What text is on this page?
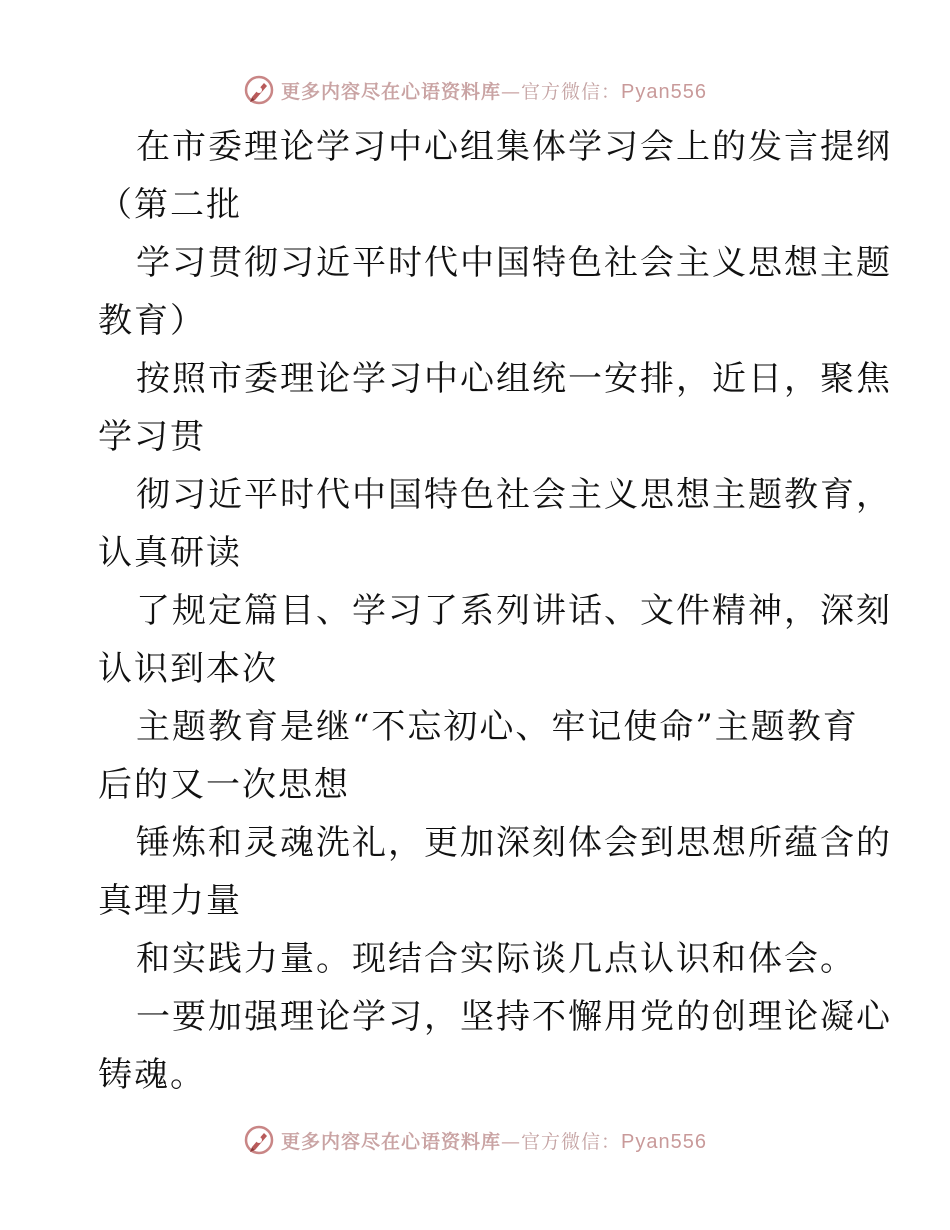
更多内容尽在心语资料库—官方微信：Pyan556
在市委理论学习中心组集体学习会上的发言提纲
（第二批
学习贯彻习近平时代中国特色社会主义思想主题
教育）
按照市委理论学习中心组统一安排，近日，聚焦
学习贯
彻习近平时代中国特色社会主义思想主题教育，
认真研读
了规定篇目、学习了系列讲话、文件精神，深刻
认识到本次
主题教育是继“不忘初心、牢记使命”主题教育
后的又一次思想
锤炼和灵魂洗礼，更加深刻体会到思想所蕴含的
真理力量
和实践力量。现结合实际谈几点认识和体会。
一要加强理论学习，坚持不懈用党的创理论凝心
铸魂。
更多内容尽在心语资料库—官方微信：Pyan556
